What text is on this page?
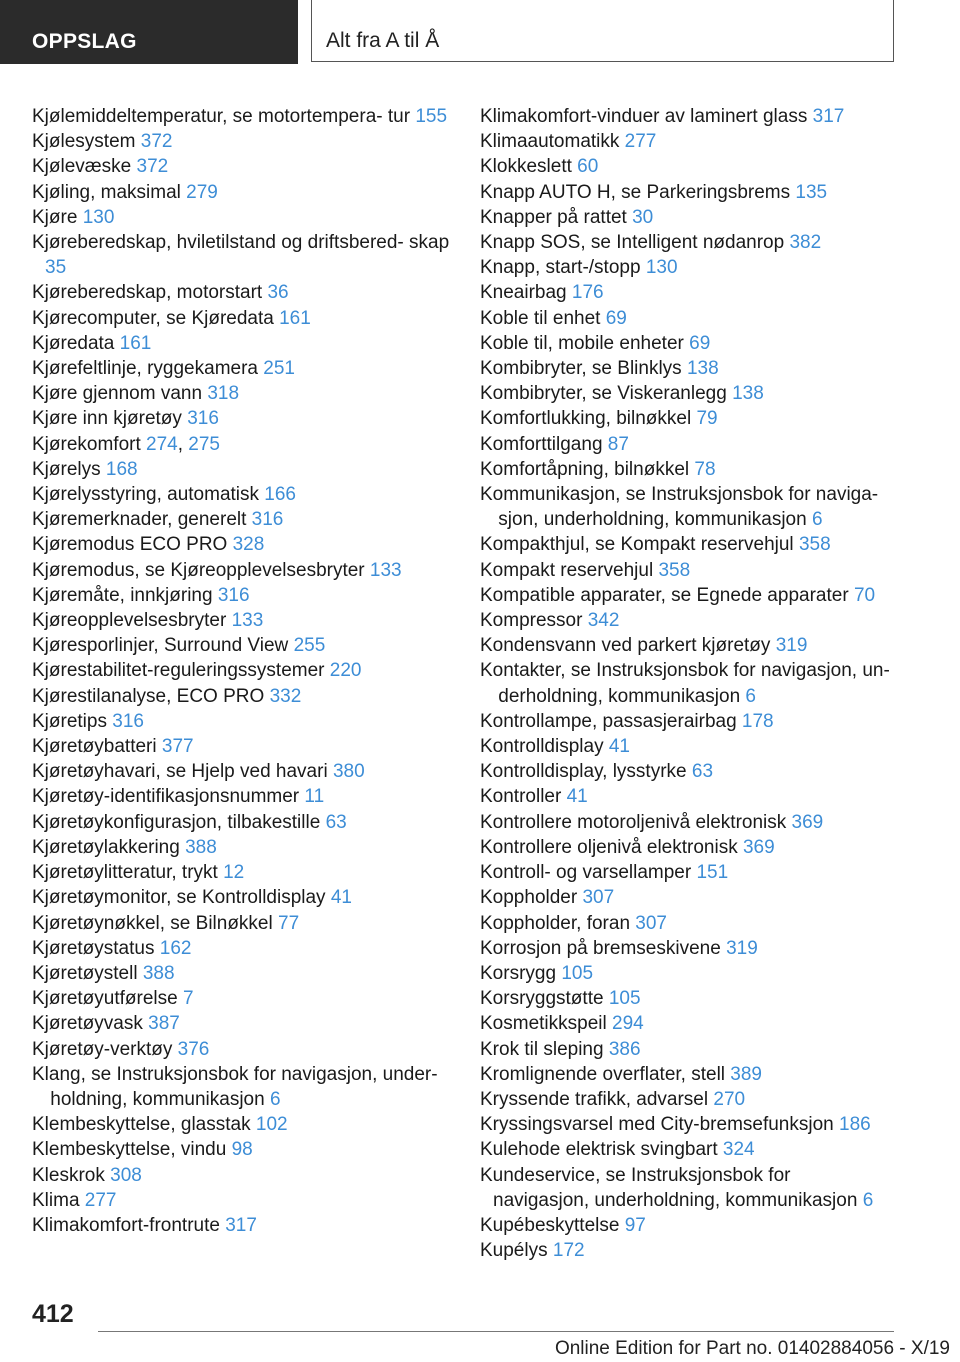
OPPSLAG	Alt fra A til Å
Kjølemiddeltemperatur, se motortempera- tur 155
Kjølesystem 372
Kjølevæske 372
Kjøling, maksimal 279
Kjøre 130
Kjøreberedskap, hviletilstand og driftsbered- skap 35
Kjøreberedskap, motorstart 36
Kjørecomputer, se Kjøredata 161
Kjøredata 161
Kjørefeltlinje, ryggekamera 251
Kjøre gjennom vann 318
Kjøre inn kjøretøy 316
Kjørekomfort 274, 275
Kjørelys 168
Kjørelysstyring, automatisk 166
Kjøremerknader, generelt 316
Kjøremodus ECO PRO 328
Kjøremodus, se Kjøreopplevelsesbryter 133
Kjøremåte, innkjøring 316
Kjøreopplevelsesbryter 133
Kjøresporlinjer, Surround View 255
Kjørestabilitet-reguleringssystemer 220
Kjørestilanalyse, ECO PRO 332
Kjøretips 316
Kjøretøybatteri 377
Kjøretøyhavari, se Hjelp ved havari 380
Kjøretøy-identifikasjonsnummer 11
Kjøretøykonfigurasjon, tilbakestille 63
Kjøretøylakkering 388
Kjøretøylitteratur, trykt 12
Kjøretøymonitor, se Kontrolldisplay 41
Kjøretøynøkkel, se Bilnøkkel 77
Kjøretøystatus 162
Kjøretøystell 388
Kjøretøyutførelse 7
Kjøretøyvask 387
Kjøretøy-verktøy 376
Klang, se Instruksjonsbok for navigasjon, under- holdning, kommunikasjon 6
Klembeskyttelse, glasstak 102
Klembeskyttelse, vindu 98
Kleskrok 308
Klima 277
Klimakomfort-frontrute 317
Klimakomfort-vinduer av laminert glass 317
Klimaautomatikk 277
Klokkeslett 60
Knapp AUTO H, se Parkeringsbrems 135
Knapper på rattet 30
Knapp SOS, se Intelligent nødanrop 382
Knapp, start-/stopp 130
Kneairbag 176
Koble til enhet 69
Koble til, mobile enheter 69
Kombibryter, se Blinklys 138
Kombibryter, se Viskeranlegg 138
Komfortlukking, bilnøkkel 79
Komforttilgang 87
Komfortåpning, bilnøkkel 78
Kommunikasjon, se Instruksjonsbok for naviga- sjon, underholdning, kommunikasjon 6
Kompakthjul, se Kompakt reservehjul 358
Kompakt reservehjul 358
Kompatible apparater, se Egnede apparater 70
Kompressor 342
Kondensvann ved parkert kjøretøy 319
Kontakter, se Instruksjonsbok for navigasjon, un- derholdning, kommunikasjon 6
Kontrollampe, passasjerairbag 178
Kontrolldisplay 41
Kontrolldisplay, lysstyrke 63
Kontroller 41
Kontrollere motoroljenivå elektronisk 369
Kontrollere oljenivå elektronisk 369
Kontroll- og varsellamper 151
Koppholder 307
Koppholder, foran 307
Korrosjon på bremseskivene 319
Korsrygg 105
Korsryggstøtte 105
Kosmetikkspeil 294
Krok til sleping 386
Kromlignende overflater, stell 389
Kryssende trafikk, advarsel 270
Kryssingsvarsel med City-bremsefunksjon 186
Kulehode elektrisk svingbart 324
Kundeservice, se Instruksjonsbok for navigasjon, underholdning, kommunikasjon 6
Kupébeskyttelse 97
Kupélys 172
412
Online Edition for Part no. 01402884056 - X/19
